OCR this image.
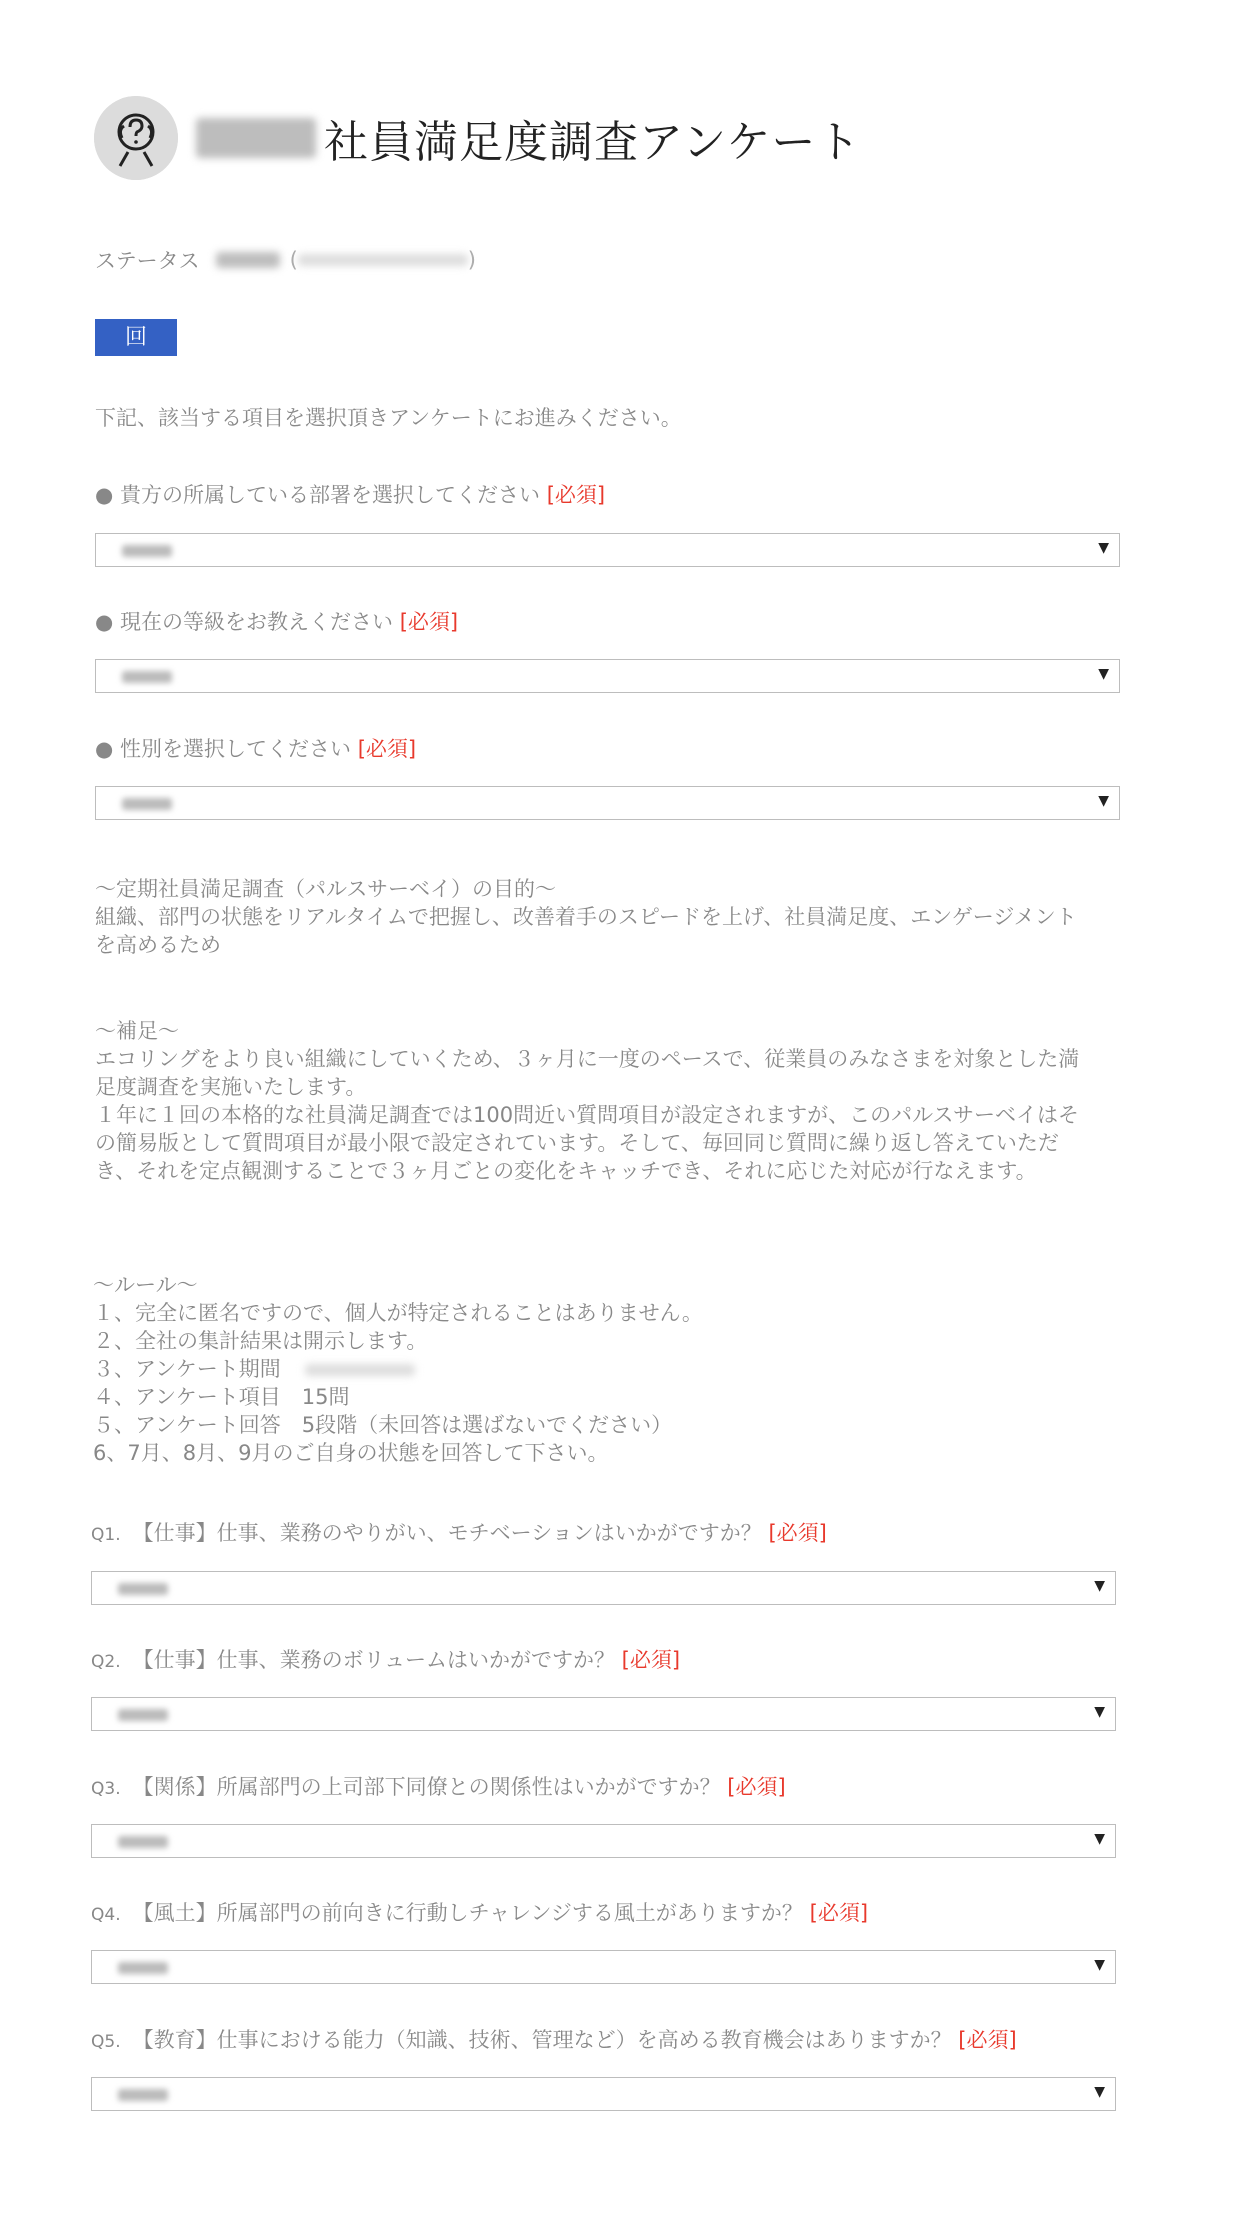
社員満足度調査アンケート
ステータス	(	)
回 答
下記、該当する項目を選択頂きアンケートにお進みください。
● 貴方の所属している部署を選択してください [必須]
▼
● 現在の等級をお教えください [必須]
▼
● 性別を選択してください [必須]
▼
〜定期社員満足調査（パルスサーベイ）の目的〜
組織、部門の状態をリアルタイムで把握し、改善着手のスピードを上げ、社員満足度、エンゲージメント
を高めるため
〜補足〜
エコリングをより良い組織にしていくため、３ヶ月に一度のペースで、従業員のみなさまを対象とした満
足度調査を実施いたします。
１年に１回の本格的な社員満足調査では100問近い質問項目が設定されますが、このパルスサーベイはそ
の簡易版として質問項目が最小限で設定されています。そして、毎回同じ質問に繰り返し答えていただ
き、それを定点観測することで３ヶ月ごとの変化をキャッチでき、それに応じた対応が行なえます。
〜ルール〜
１、完全に匿名ですので、個人が特定されることはありません。
２、全社の集計結果は開示します。
３、アンケート期間
４、アンケート項目　15問
５、アンケート回答　5段階（未回答は選ばないでください）
6、7月、8月、9月のご自身の状態を回答して下さい。
Q1. 【仕事】仕事、業務のやりがい、モチベーションはいかがですか？ [必須]
▼
Q2. 【仕事】仕事、業務のボリュームはいかがですか？ [必須]
▼
Q3. 【関係】所属部門の上司部下同僚との関係性はいかがですか？ [必須]
▼
Q4. 【風土】所属部門の前向きに行動しチャレンジする風土がありますか？ [必須]
▼
Q5. 【教育】仕事における能力（知識、技術、管理など）を高める教育機会はありますか？ [必須]
▼
